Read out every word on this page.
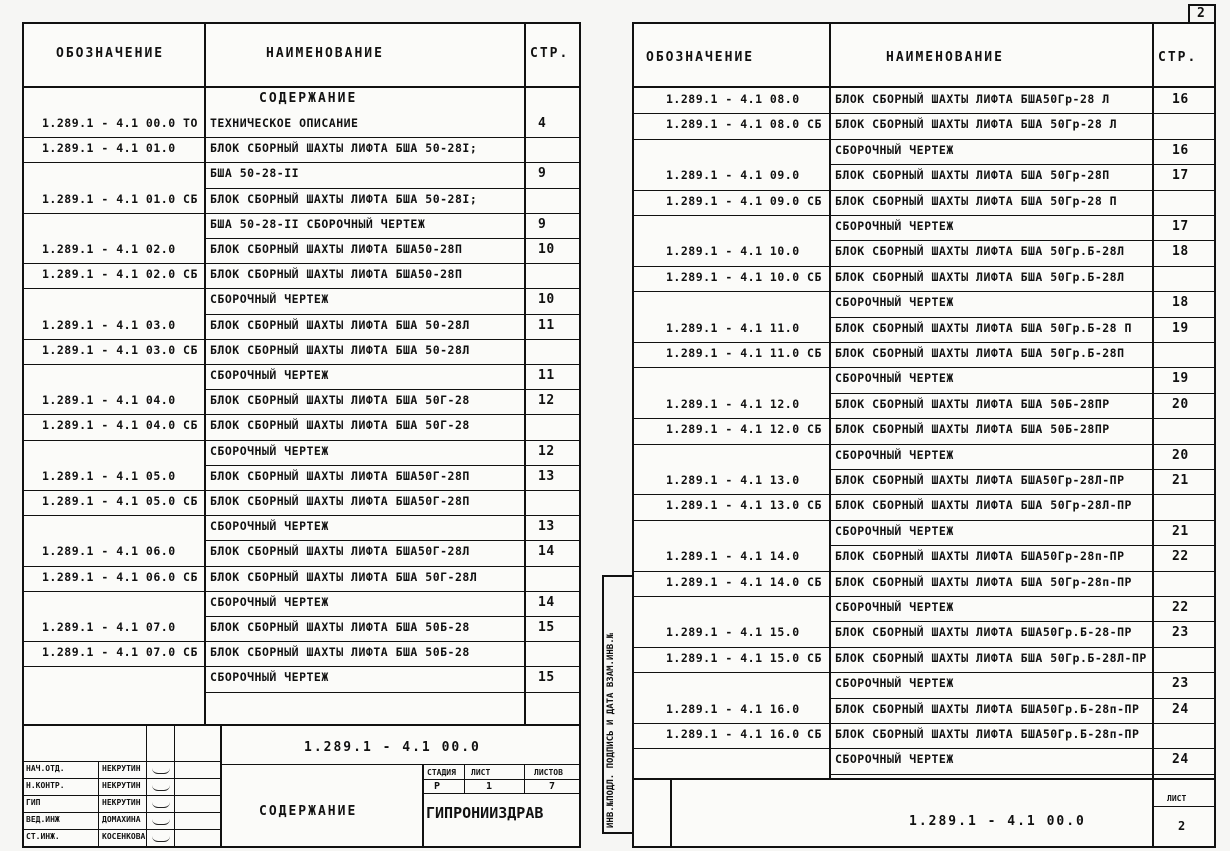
ОБОЗНАЧЕНИЕ	НАИМЕНОВАНИЕ	СТР.
СОДЕРЖАНИЕ
1.289.1 - 4.1 00.0 ТО ТЕХНИЧЕСКОЕ ОПИСАНИЕ	4
1.289.1 - 4.1 01.0	БЛОК СБОРНЫЙ ШАХТЫ ЛИФТА БША 50-28I;
БША 50-28-II	9
1.289.1 - 4.1 01.0 СБ БЛОК СБОРНЫЙ ШАХТЫ ЛИФТА БША 50-28I;
БША 50-28-II СБОРОЧНЫЙ ЧЕРТЕЖ	9
1.289.1 - 4.1 02.0	БЛОК СБОРНЫЙ ШАХТЫ ЛИФТА БША50-28П	10
1.289.1 - 4.1 02.0 СБ БЛОК СБОРНЫЙ ШАХТЫ ЛИФТА БША50-28П
СБОРОЧНЫЙ ЧЕРТЕЖ	10
1.289.1 - 4.1 03.0	БЛОК СБОРНЫЙ ШАХТЫ ЛИФТА БША 50-28Л	11
1.289.1 - 4.1 03.0 СБ БЛОК СБОРНЫЙ ШАХТЫ ЛИФТА БША 50-28Л
СБОРОЧНЫЙ ЧЕРТЕЖ	11
1.289.1 - 4.1 04.0	БЛОК СБОРНЫЙ ШАХТЫ ЛИФТА БША 50Г-28	12
1.289.1 - 4.1 04.0 СБ БЛОК СБОРНЫЙ ШАХТЫ ЛИФТА БША 50Г-28
СБОРОЧНЫЙ ЧЕРТЕЖ	12
1.289.1 - 4.1 05.0	БЛОК СБОРНЫЙ ШАХТЫ ЛИФТА БША50Г-28П	13
1.289.1 - 4.1 05.0 СБ БЛОК СБОРНЫЙ ШАХТЫ ЛИФТА БША50Г-28П
СБОРОЧНЫЙ ЧЕРТЕЖ	13
1.289.1 - 4.1 06.0	БЛОК СБОРНЫЙ ШАХТЫ ЛИФТА БША50Г-28Л	14
1.289.1 - 4.1 06.0 СБ БЛОК СБОРНЫЙ ШАХТЫ ЛИФТА БША 50Г-28Л
СБОРОЧНЫЙ ЧЕРТЕЖ	14
1.289.1 - 4.1 07.0	БЛОК СБОРНЫЙ ШАХТЫ ЛИФТА БША 50Б-28	15
1.289.1 - 4.1 07.0 СБ БЛОК СБОРНЫЙ ШАХТЫ ЛИФТА БША 50Б-28
СБОРОЧНЫЙ ЧЕРТЕЖ	15
НАЧ.ОТД.	НЕКРУТИН
Н.КОНТР.	НЕКРУТИН
ГИП	НЕКРУТИН
ВЕД.ИНЖ	ДОМАХИНА
СТ.ИНЖ.	КОСЕНКОВА
1.289.1 - 4.1 00.0
СОДЕРЖАНИЕ
СТАДИЯ ЛИСТ	ЛИСТОВ
Р	1	7
ГИПРОНИИЗДРАВ
ОБОЗНАЧЕНИЕ	НАИМЕНОВАНИЕ	СТР.
1.289.1 - 4.1 08.0	БЛОК СБОРНЫЙ ШАХТЫ ЛИФТА БША50Гр-28 Л	16
1.289.1 - 4.1 08.0 СБ БЛОК СБОРНЫЙ ШАХТЫ ЛИФТА БША 50Гр-28 Л
СБОРОЧНЫЙ ЧЕРТЕЖ	16
1.289.1 - 4.1 09.0	БЛОК СБОРНЫЙ ШАХТЫ ЛИФТА БША 50Гр-28П	17
1.289.1 - 4.1 09.0 СБ БЛОК СБОРНЫЙ ШАХТЫ ЛИФТА БША 50Гр-28 П
СБОРОЧНЫЙ ЧЕРТЕЖ	17
1.289.1 - 4.1 10.0	БЛОК СБОРНЫЙ ШАХТЫ ЛИФТА БША 50Гр.Б-28Л	18
1.289.1 - 4.1 10.0 СБ БЛОК СБОРНЫЙ ШАХТЫ ЛИФТА БША 50Гр.Б-28Л
СБОРОЧНЫЙ ЧЕРТЕЖ	18
1.289.1 - 4.1 11.0	БЛОК СБОРНЫЙ ШАХТЫ ЛИФТА БША 50Гр.Б-28 П	19
1.289.1 - 4.1 11.0 СБ БЛОК СБОРНЫЙ ШАХТЫ ЛИФТА БША 50Гр.Б-28П
СБОРОЧНЫЙ ЧЕРТЕЖ	19
1.289.1 - 4.1 12.0	БЛОК СБОРНЫЙ ШАХТЫ ЛИФТА БША 50Б-28ПР	20
1.289.1 - 4.1 12.0 СБ БЛОК СБОРНЫЙ ШАХТЫ ЛИФТА БША 50Б-28ПР
СБОРОЧНЫЙ ЧЕРТЕЖ	20
1.289.1 - 4.1 13.0	БЛОК СБОРНЫЙ ШАХТЫ ЛИФТА БША50Гр-28Л-ПР	21
1.289.1 - 4.1 13.0 СБ БЛОК СБОРНЫЙ ШАХТЫ ЛИФТА БША 50Гр-28Л-ПР
СБОРОЧНЫЙ ЧЕРТЕЖ	21
1.289.1 - 4.1 14.0	БЛОК СБОРНЫЙ ШАХТЫ ЛИФТА БША50Гр-28п-ПР	22
1.289.1 - 4.1 14.0 СБ БЛОК СБОРНЫЙ ШАХТЫ ЛИФТА БША 50Гр-28п-ПР
СБОРОЧНЫЙ ЧЕРТЕЖ	22
1.289.1 - 4.1 15.0	БЛОК СБОРНЫЙ ШАХТЫ ЛИФТА БША50Гр.Б-28-ПР	23
1.289.1 - 4.1 15.0 СБ БЛОК СБОРНЫЙ ШАХТЫ ЛИФТА БША 50Гр.Б-28Л-ПР
СБОРОЧНЫЙ ЧЕРТЕЖ	23
1.289.1 - 4.1 16.0	БЛОК СБОРНЫЙ ШАХТЫ ЛИФТА БША50Гр.Б-28п-ПР	24
1.289.1 - 4.1 16.0 СБ БЛОК СБОРНЫЙ ШАХТЫ ЛИФТА БША50Гр.Б-28п-ПР
СБОРОЧНЫЙ ЧЕРТЕЖ	24
1.289.1 - 4.1 00.0
ЛИСТ
2
2
ИНВ.№ПОДЛ. ПОДПИСЬ И ДАТА ВЗАМ.ИНВ.№
